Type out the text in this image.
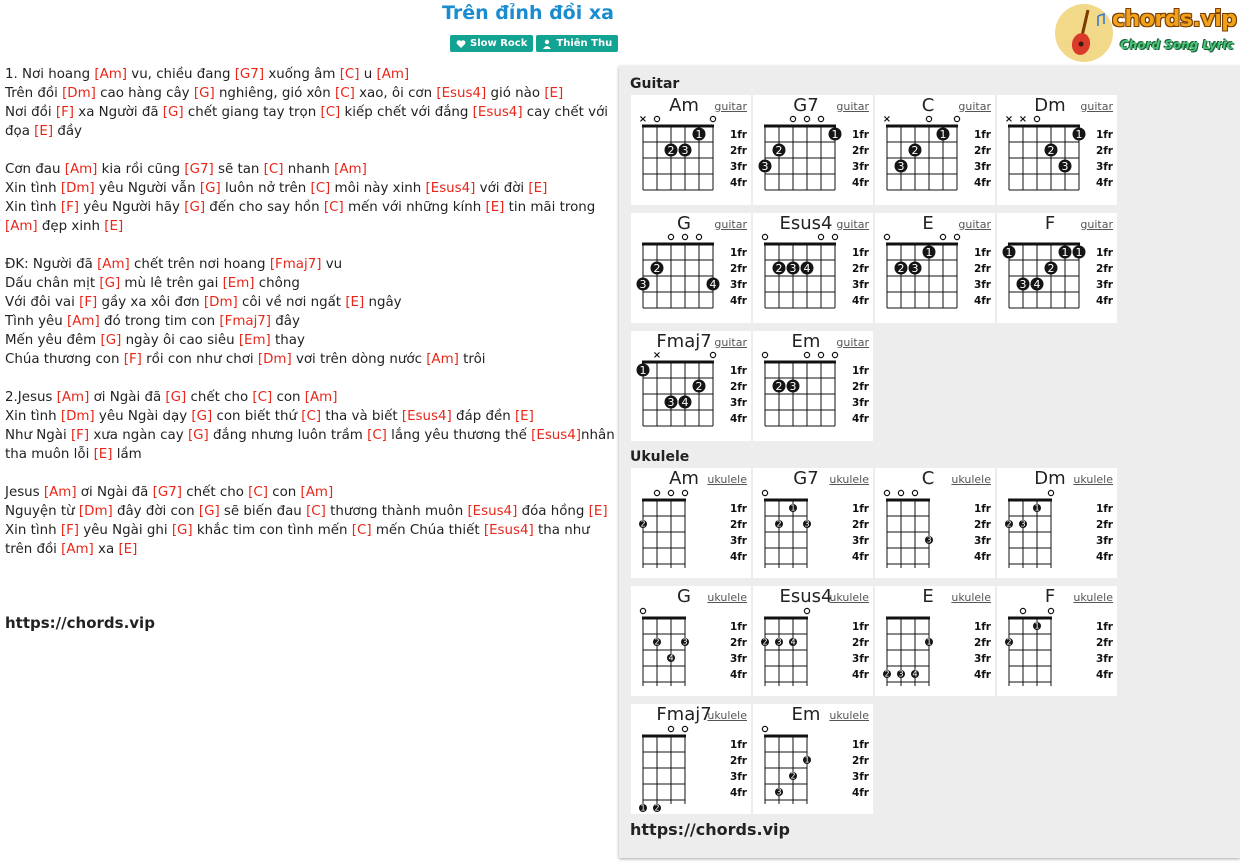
Trên đỉnh đồi xa
Slow Rock	Thiên Thu
chords.vip
Chord Song Lyric
1. Nơi hoang [Am] vu, chiều đang [G7] xuống âm [C] u [Am]
Trên đồi [Dm] cao hàng cây [G] nghiêng, gió xôn [C] xao, ôi cơn [Esus4] gió nào [E]
Nơi đồi [F] xa Người đã [G] chết giang tay trọn [C] kiếp chết với đắng [Esus4] cay chết với đọa [E] đầy
Cơn đau [Am] kia rồi cũng [G7] sẽ tan [C] nhanh [Am]
Xin tình [Dm] yêu Người vẫn [G] luôn nở trên [C] môi này xinh [Esus4] với đời [E]
Xin tình [F] yêu Người hãy [G] đến cho say hồn [C] mến với những kính [E] tin mãi trong [Am] đẹp xinh [E]
ĐK: Người đã [Am] chết trên nơi hoang [Fmaj7] vu
Dấu chân mịt [G] mù lê trên gai [Em] chông
Với đôi vai [F] gầy xa xôi đơn [Dm] côi về nơi ngất [E] ngây
Tình yêu [Am] đó trong tim con [Fmaj7] đây
Mến yêu đêm [G] ngày ôi cao siêu [Em] thay
Chúa thương con [F] rồi con như chơi [Dm] vơi trên dòng nước [Am] trôi
2.Jesus [Am] ơi Ngài đã [G] chết cho [C] con [Am]
Xin tình [Dm] yêu Ngài dạy [G] con biết thứ [C] tha và biết [Esus4] đáp đền [E]
Như Ngài [F] xưa ngàn cay [G] đắng nhưng luôn trầm [C] lắng yêu thương thế [Esus4]nhân tha muôn lỗi [E] lầm
Jesus [Am] ơi Ngài đã [G7] chết cho [C] con [Am]
Nguyện từ [Dm] đây đời con [G] sẽ biến đau [C] thương thành muôn [Esus4] đóa hồng [E]
Xin tình [F] yêu Ngài ghi [G] khắc tim con tình mến [C] mến Chúa thiết [Esus4] tha như trên đồi [Am] xa [E]
https://chords.vip
Guitar
Ukulele
https://chords.vip
1fr
2fr
3fr
4fr
×
2 3
1
Am	guitar
1fr
2fr
3fr
4fr
3
2
1
G7	guitar
1fr
2fr
3fr
4fr
×
3
2
1
C	guitar
1fr
2fr
3fr
4fr
× ×
2
3
1
Dm	guitar
1fr
2fr
3fr
4fr
3
2
4
G	guitar
1fr
2fr
3fr
4fr
2 3 4
Esus4 guitar
1fr
2fr
3fr
4fr
2 3
1
E	guitar
1fr
2fr
3fr
4fr
1
3 4
2
1 1
F	guitar
1fr
2fr
3fr
4fr
1
×
3 4
2
Fmaj7 guitar
1fr
2fr
3fr
4fr
2 3
Em	guitar
1fr
2fr
3fr
4fr
2
Am ukulele
1fr
2fr
3fr
4fr
2
1
3
G7 ukulele
1fr
2fr
3fr
4fr
3
C	ukulele
1fr
2fr
3fr
4fr
2 3
1
Dm ukulele
1fr
2fr
3fr
4fr
2
4
3
G	ukulele
1fr
2fr
3fr
4fr
2 3 4
Esus4
ukulele
1fr
2fr
3fr
4fr
2 3 4
1
E	ukulele
1fr
2fr
3fr
4fr
2
1
F	ukulele
1fr
2fr
3fr
4fr
1 2
Fmaj7
ukulele
1fr
2fr
3fr
4fr
3
2
1
Em ukulele
